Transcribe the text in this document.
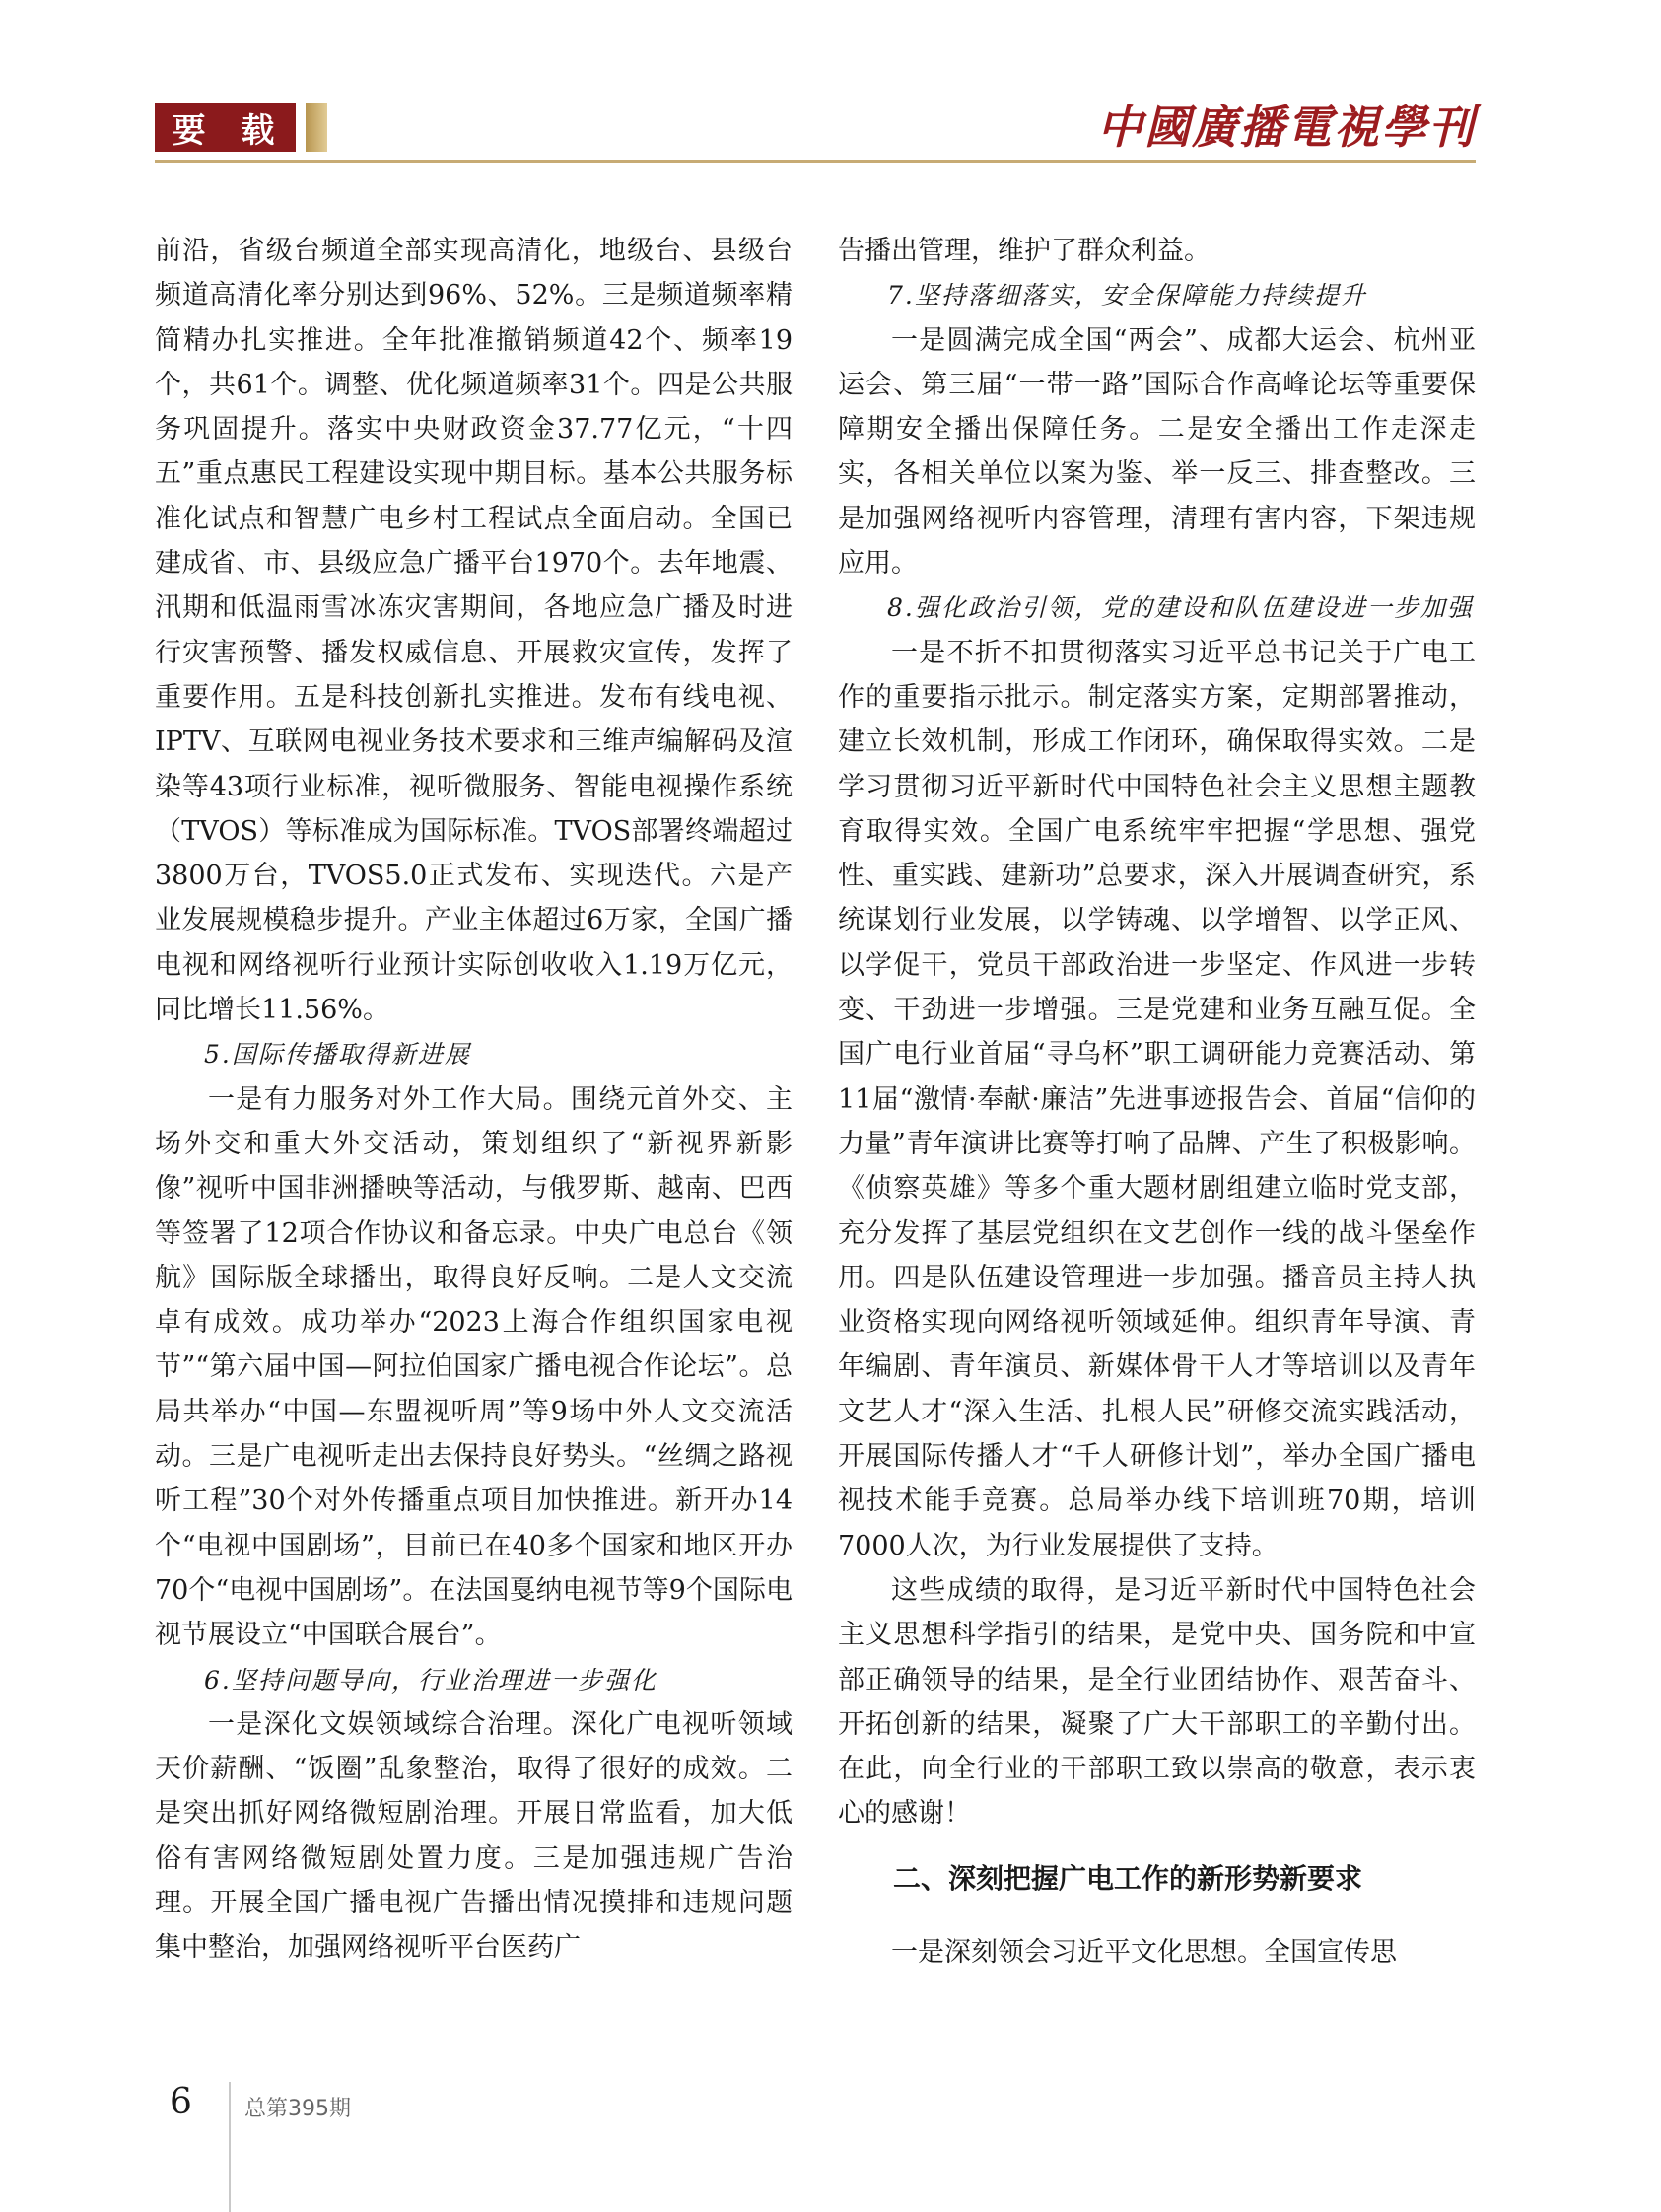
要 载	中國廣播電視學刊

前沿，省级台频道全部实现高清化，地级台、县级台频道高清化率分别达到96%、52%。三是频道频率精简精办扎实推进。全年批准撤销频道42个、频率19个，共61个。调整、优化频道频率31个。四是公共服务巩固提升。落实中央财政资金37.77亿元，“十四五”重点惠民工程建设实现中期目标。基本公共服务标准化试点和智慧广电乡村工程试点全面启动。全国已建成省、市、县级应急广播平台1970个。去年地震、汛期和低温雨雪冰冻灾害期间，各地应急广播及时进行灾害预警、播发权威信息、开展救灾宣传，发挥了重要作用。五是科技创新扎实推进。发布有线电视、IPTV、互联网电视业务技术要求和三维声编解码及渲染等43项行业标准，视听微服务、智能电视操作系统（TVOS）等标准成为国际标准。TVOS部署终端超过3800万台，TVOS5.0正式发布、实现迭代。六是产业发展规模稳步提升。产业主体超过6万家，全国广播电视和网络视听行业预计实际创收收入1.19万亿元，同比增长11.56%。

5.国际传播取得新进展

一是有力服务对外工作大局。围绕元首外交、主场外交和重大外交活动，策划组织了“新视界新影像”视听中国非洲播映等活动，与俄罗斯、越南、巴西等签署了12项合作协议和备忘录。中央广电总台《领航》国际版全球播出，取得良好反响。二是人文交流卓有成效。成功举办“2023上海合作组织国家电视节”“第六届中国—阿拉伯国家广播电视合作论坛”。总局共举办“中国—东盟视听周”等9场中外人文交流活动。三是广电视听走出去保持良好势头。“丝绸之路视听工程”30个对外传播重点项目加快推进。新开办14个“电视中国剧场”，目前已在40多个国家和地区开办70个“电视中国剧场”。在法国戛纳电视节等9个国际电视节展设立“中国联合展台”。

6.坚持问题导向，行业治理进一步强化

一是深化文娱领域综合治理。深化广电视听领域天价薪酬、“饭圈”乱象整治，取得了很好的成效。二是突出抓好网络微短剧治理。开展日常监看，加大低俗有害网络微短剧处置力度。三是加强违规广告治理。开展全国广播电视广告播出情况摸排和违规问题集中整治，加强网络视听平台医药广

告播出管理，维护了群众利益。

7.坚持落细落实，安全保障能力持续提升

一是圆满完成全国“两会”、成都大运会、杭州亚运会、第三届“一带一路”国际合作高峰论坛等重要保障期安全播出保障任务。二是安全播出工作走深走实，各相关单位以案为鉴、举一反三、排查整改。三是加强网络视听内容管理，清理有害内容，下架违规应用。

8.强化政治引领，党的建设和队伍建设进一步加强

一是不折不扣贯彻落实习近平总书记关于广电工作的重要指示批示。制定落实方案，定期部署推动，建立长效机制，形成工作闭环，确保取得实效。二是学习贯彻习近平新时代中国特色社会主义思想主题教育取得实效。全国广电系统牢牢把握“学思想、强党性、重实践、建新功”总要求，深入开展调查研究，系统谋划行业发展，以学铸魂、以学增智、以学正风、以学促干，党员干部政治进一步坚定、作风进一步转变、干劲进一步增强。三是党建和业务互融互促。全国广电行业首届“寻乌杯”职工调研能力竞赛活动、第11届“激情·奉献·廉洁”先进事迹报告会、首届“信仰的力量”青年演讲比赛等打响了品牌、产生了积极影响。《侦察英雄》等多个重大题材剧组建立临时党支部，充分发挥了基层党组织在文艺创作一线的战斗堡垒作用。四是队伍建设管理进一步加强。播音员主持人执业资格实现向网络视听领域延伸。组织青年导演、青年编剧、青年演员、新媒体骨干人才等培训以及青年文艺人才“深入生活、扎根人民”研修交流实践活动，开展国际传播人才“千人研修计划”，举办全国广播电视技术能手竞赛。总局举办线下培训班70期，培训7000人次，为行业发展提供了支持。

这些成绩的取得，是习近平新时代中国特色社会主义思想科学指引的结果，是党中央、国务院和中宣部正确领导的结果，是全行业团结协作、艰苦奋斗、开拓创新的结果，凝聚了广大干部职工的辛勤付出。在此，向全行业的干部职工致以崇高的敬意，表示衷心的感谢！

二、深刻把握广电工作的新形势新要求

一是深刻领会习近平文化思想。全国宣传思

6 总第395期
